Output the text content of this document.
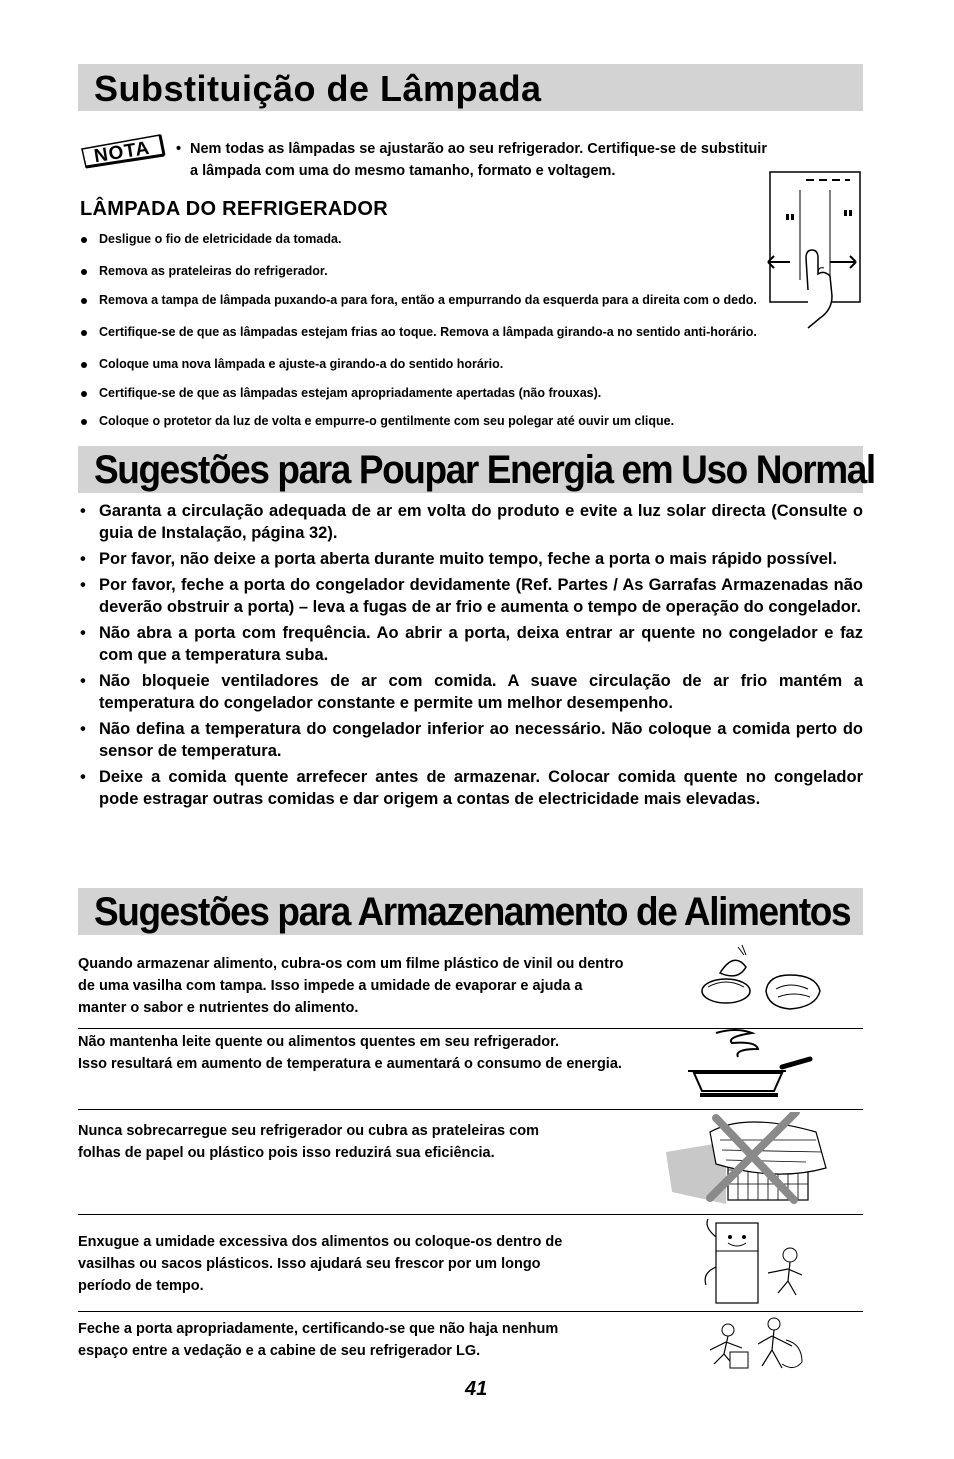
Substituição de Lâmpada
NOTA • Nem todas as lâmpadas se ajustarão ao seu refrigerador. Certifique-se de substituir
a lâmpada com uma do mesmo tamanho, formato e voltagem.
LÂMPADA DO REFRIGERADOR
Desligue o fio de eletricidade da tomada.
Remova as prateleiras do refrigerador.
Remova a tampa de lâmpada puxando-a para fora, então a empurrando da esquerda para a direita com o dedo.
Certifique-se de que as lâmpadas estejam frias ao toque. Remova a lâmpada girando-a no sentido anti-horário.
Coloque uma nova lâmpada e ajuste-a girando-a do sentido horário.
Certifique-se de que as lâmpadas estejam apropriadamente apertadas (não frouxas).
Coloque o protetor da luz de volta e empurre-o gentilmente com seu polegar até ouvir um clique.
Sugestões para Poupar Energia em Uso Normal
• Garanta a circulação adequada de ar em volta do produto e evite a luz solar directa (Consulte o guia de Instalação, página 32).
• Por favor, não deixe a porta aberta durante muito tempo, feche a porta o mais rápido possível.
• Por favor, feche a porta do congelador devidamente (Ref. Partes / As Garrafas Armazenadas não deverão obstruir a porta) – leva a fugas de ar frio e aumenta o tempo de operação do congelador.
• Não abra a porta com frequência. Ao abrir a porta, deixa entrar ar quente no congelador e faz com que a temperatura suba.
• Não bloqueie ventiladores de ar com comida. A suave circulação de ar frio mantém a temperatura do congelador constante e permite um melhor desempenho.
• Não defina a temperatura do congelador inferior ao necessário. Não coloque a comida perto do sensor de temperatura.
• Deixe a comida quente arrefecer antes de armazenar. Colocar comida quente no congelador pode estragar outras comidas e dar origem a contas de electricidade mais elevadas.
Sugestões para Armazenamento de Alimentos
Quando armazenar alimento, cubra-os com um filme plástico de vinil ou dentro
de uma vasilha com tampa. Isso impede a umidade de evaporar e ajuda a
manter o sabor e nutrientes do alimento.
Não mantenha leite quente ou alimentos quentes em seu refrigerador.
Isso resultará em aumento de temperatura e aumentará o consumo de energia.
Nunca sobrecarregue seu refrigerador ou cubra as prateleiras com
folhas de papel ou plástico pois isso reduzirá sua eficiência.
Enxugue a umidade excessiva dos alimentos ou coloque-os dentro de
vasilhas ou sacos plásticos. Isso ajudará seu frescor por um longo
período de tempo.
Feche a porta apropriadamente, certificando-se que não haja nenhum
espaço entre a vedação e a cabine de seu refrigerador LG.
41
